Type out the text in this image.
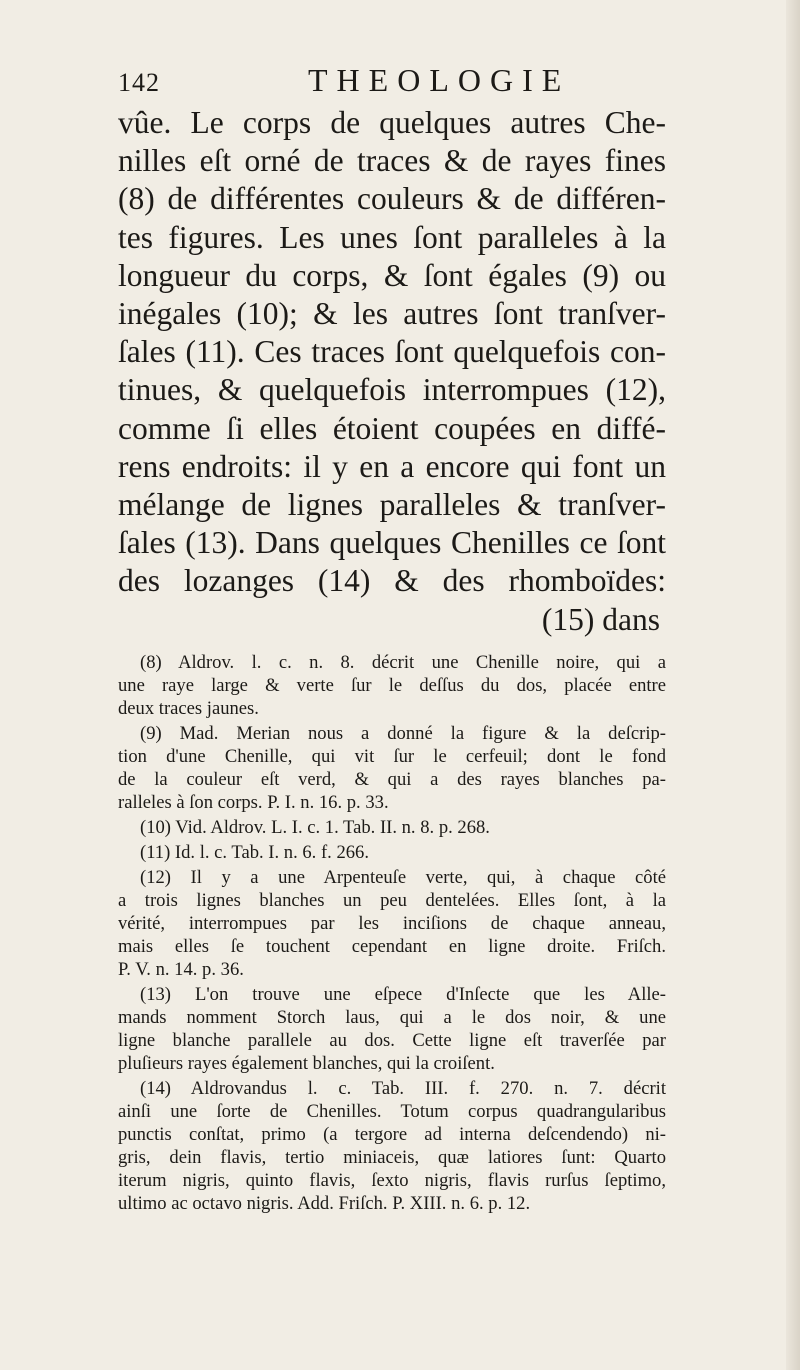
142	THEOLOGIE

vûe. Le corps de quelques autres Che-
nilles eſt orné de traces & de rayes fines
(8) de différentes couleurs & de différen-
tes figures. Les unes ſont paralleles à la
longueur du corps, & ſont égales (9) ou
inégales (10); & les autres ſont tranſver-
ſales (11). Ces traces ſont quelquefois con-
tinues, & quelquefois interrompues (12),
comme ſi elles étoient coupées en diffé-
rens endroits: il y en a encore qui font un
mélange de lignes paralleles & tranſver-
ſales (13). Dans quelques Chenilles ce ſont
des lozanges (14) & des rhomboïdes:
(15) dans

(8) Aldrov. l. c. n. 8. décrit une Chenille noire, qui a
une raye large & verte ſur le deſſus du dos, placée entre
deux traces jaunes.

(9) Mad. Merian nous a donné la figure & la deſcrip-
tion d'une Chenille, qui vit ſur le cerfeuil; dont le fond
de la couleur eſt verd, & qui a des rayes blanches pa-
ralleles à ſon corps. P. I. n. 16. p. 33.

(10) Vid. Aldrov. L. I. c. 1. Tab. II. n. 8. p. 268.

(11) Id. l. c. Tab. I. n. 6. f. 266.

(12) Il y a une Arpenteuſe verte, qui, à chaque côté
a trois lignes blanches un peu dentelées. Elles ſont, à la
vérité, interrompues par les inciſions de chaque anneau,
mais elles ſe touchent cependant en ligne droite. Friſch.
P. V. n. 14. p. 36.

(13) L'on trouve une eſpece d'Inſecte que les Alle-
mands nomment Storch laus, qui a le dos noir, & une
ligne blanche parallele au dos. Cette ligne eſt traverſée par
pluſieurs rayes également blanches, qui la croiſent.

(14) Aldrovandus l. c. Tab. III. f. 270. n. 7. décrit
ainſi une ſorte de Chenilles. Totum corpus quadrangularibus
punctis conſtat, primo (a tergore ad interna deſcendendo) ni-
gris, dein flavis, tertio miniaceis, quæ latiores ſunt: Quarto
iterum nigris, quinto flavis, ſexto nigris, flavis rurſus ſeptimo,
ultimo ac octavo nigris. Add. Friſch. P. XIII. n. 6. p. 12.
